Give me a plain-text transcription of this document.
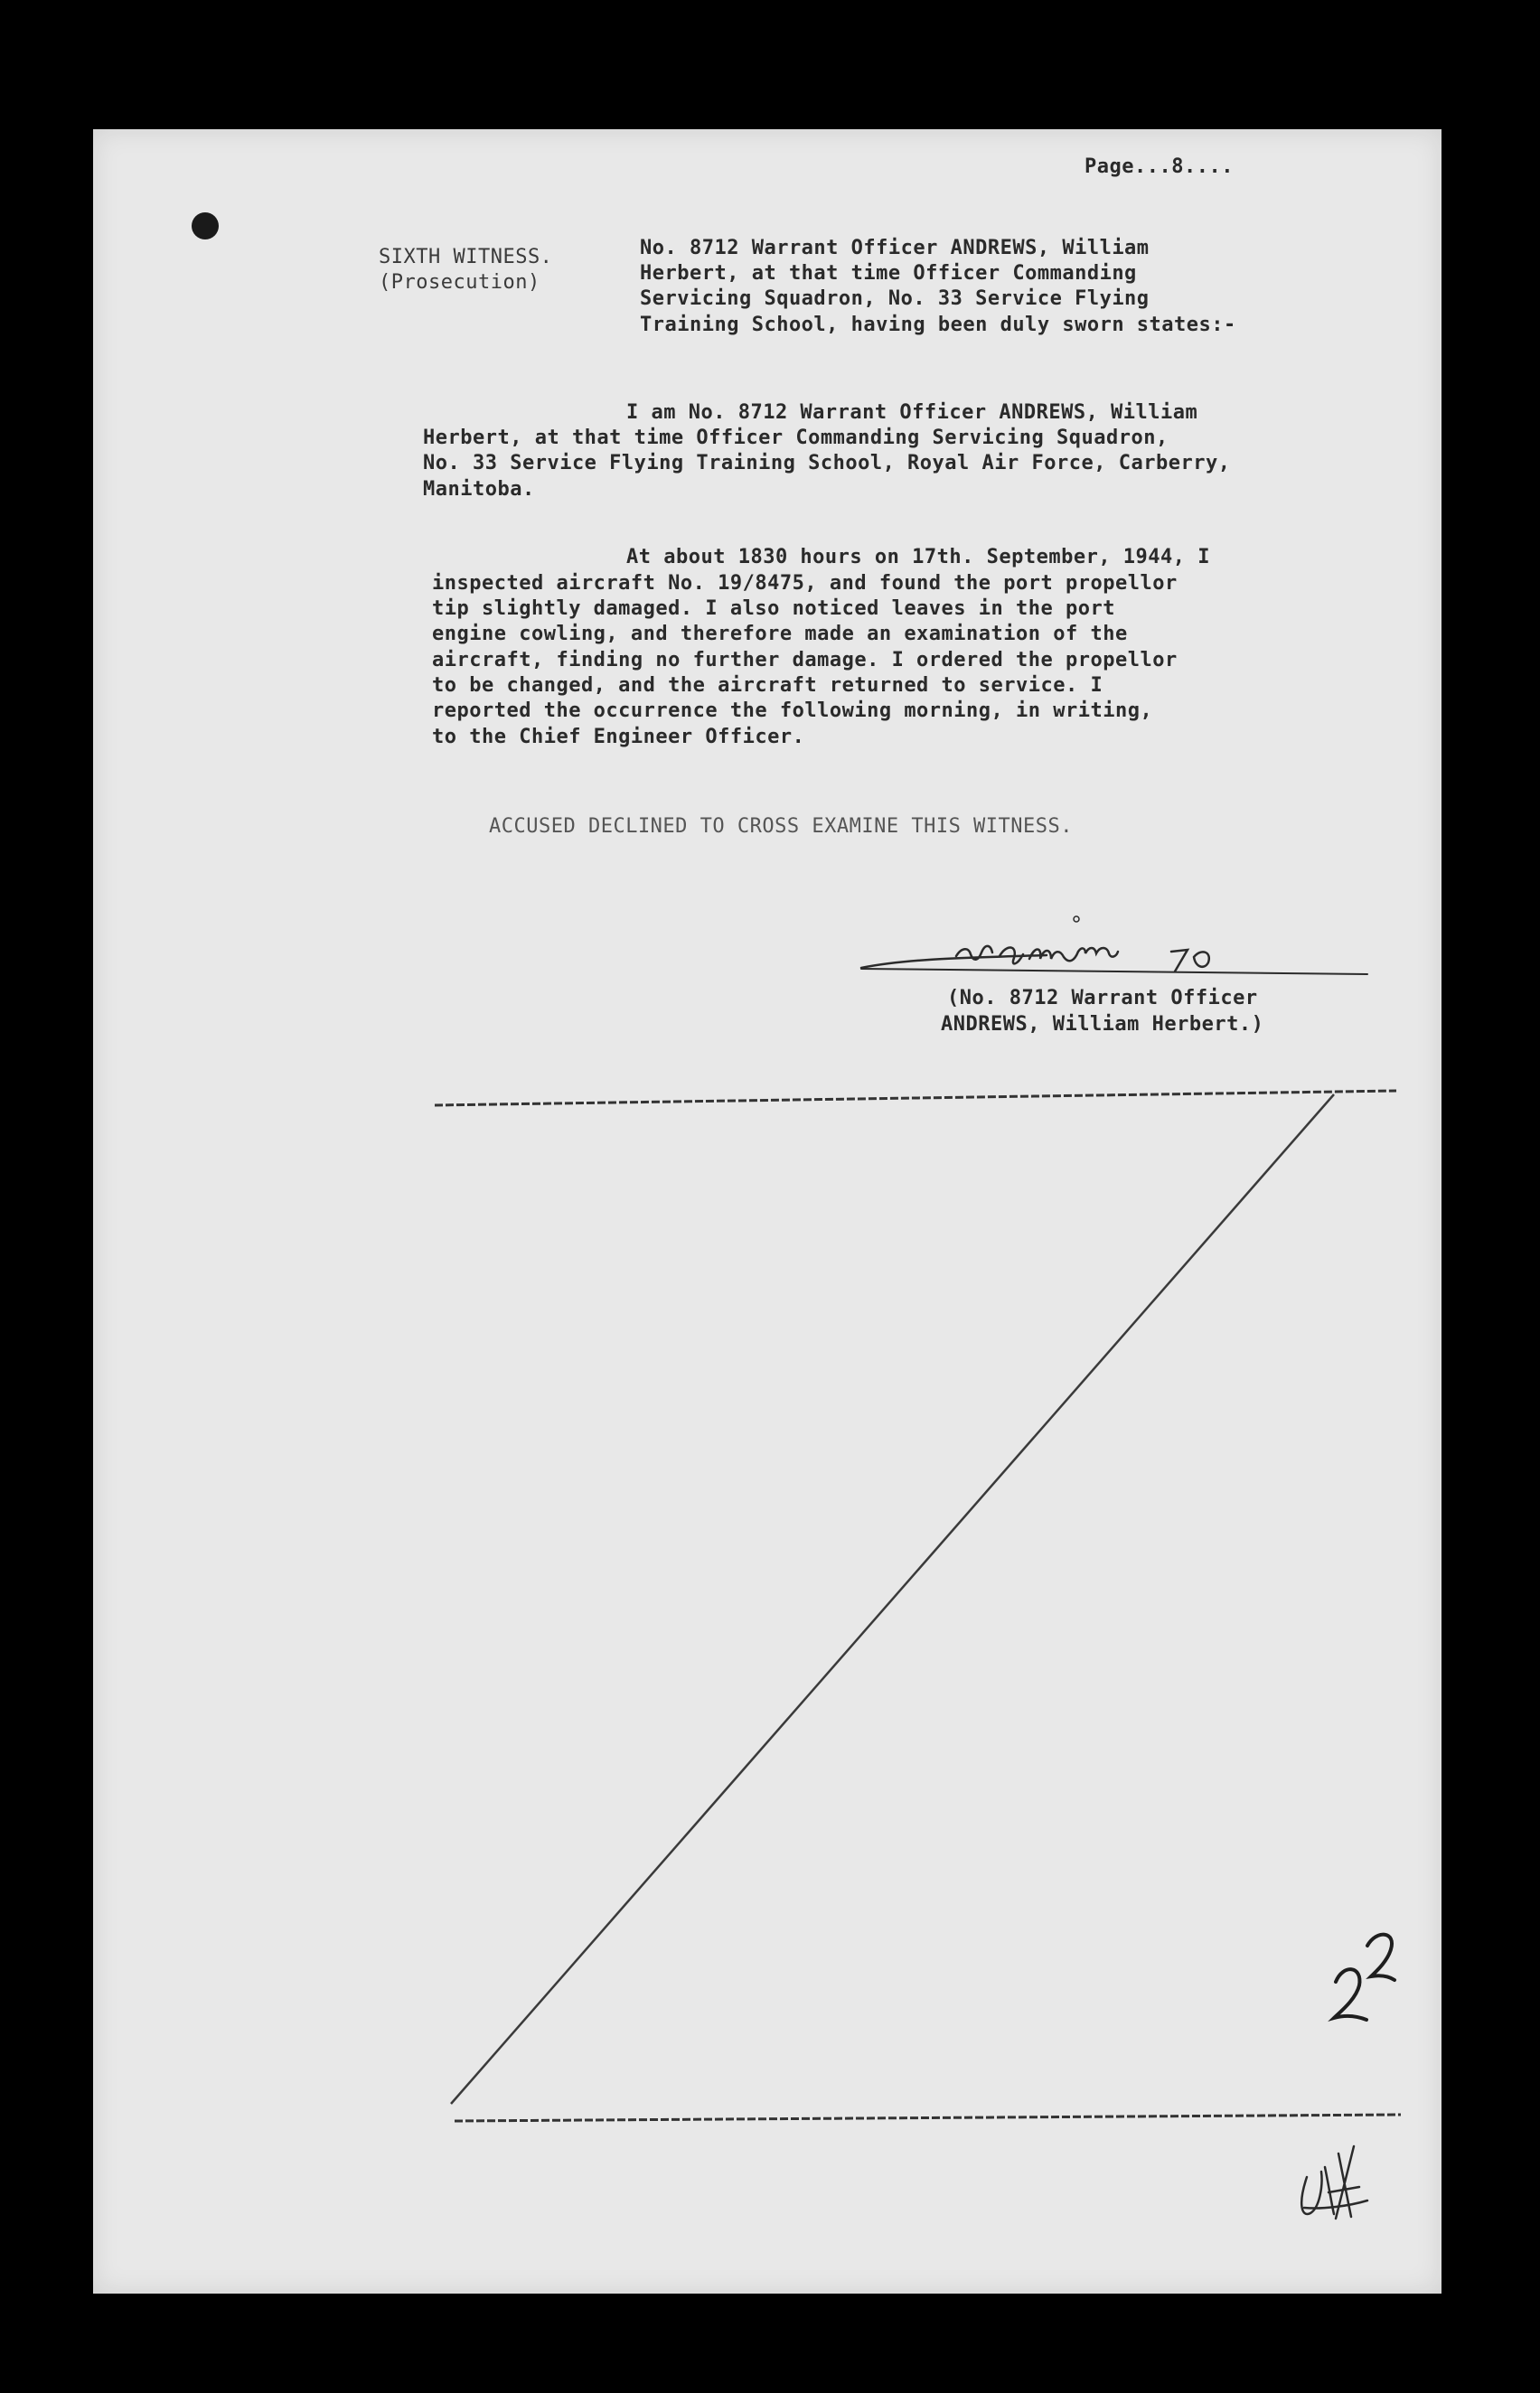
Page...8....
SIXTH WITNESS.
(Prosecution)
No. 8712 Warrant Officer ANDREWS, William
Herbert, at that time Officer Commanding
Servicing Squadron, No. 33 Service Flying
Training School, having been duly sworn states:-
I am No. 8712 Warrant Officer ANDREWS, William
Herbert, at that time Officer Commanding Servicing Squadron,
No. 33 Service Flying Training School, Royal Air Force, Carberry,
Manitoba.
At about 1830 hours on 17th. September, 1944, I
inspected aircraft No. 19/8475, and found the port propellor
tip slightly damaged. I also noticed leaves in the port
engine cowling, and therefore made an examination of the
aircraft, finding no further damage. I ordered the propellor
to be changed, and the aircraft returned to service. I
reported the occurrence the following morning, in writing,
to the Chief Engineer Officer.
ACCUSED DECLINED TO CROSS EXAMINE THIS WITNESS.
(No. 8712 Warrant Officer
ANDREWS, William Herbert.)
